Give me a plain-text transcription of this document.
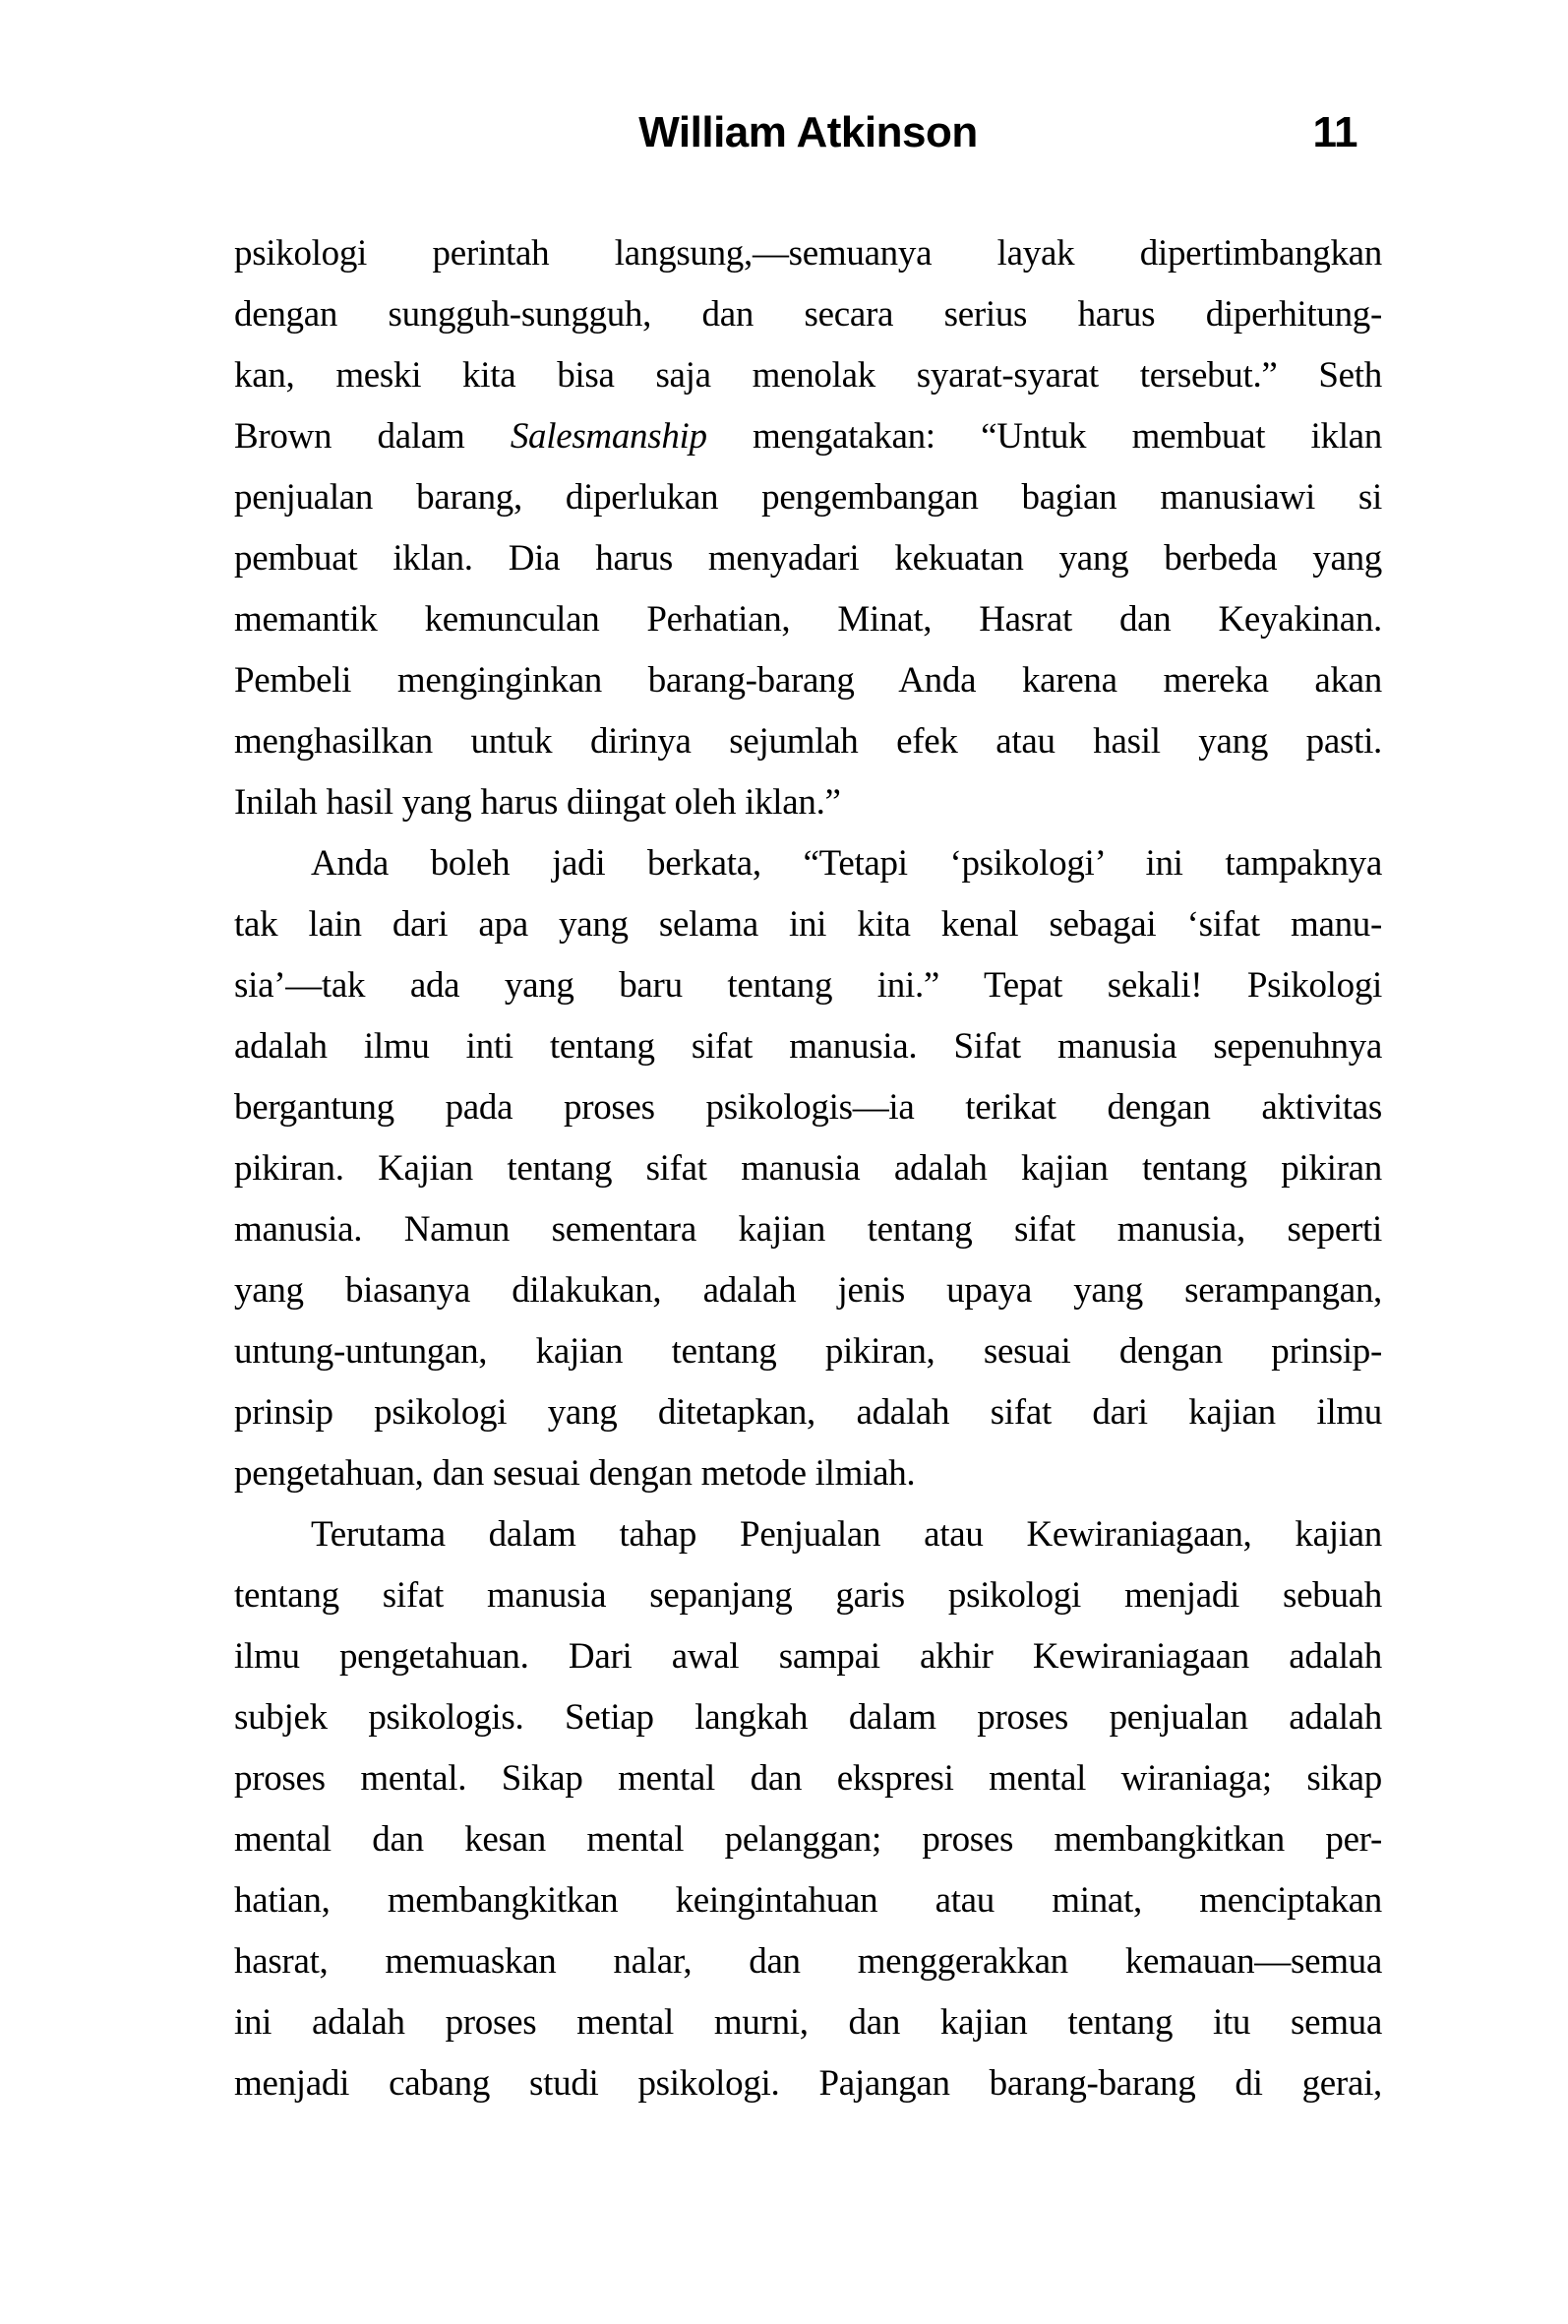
William Atkinson	11
psikologi perintah langsung,—semuanya layak dipertimbangkan
dengan sungguh-sungguh, dan secara serius harus diperhitung-
kan, meski kita bisa saja menolak syarat-syarat tersebut.” Seth
Brown dalam Salesmanship mengatakan: “Untuk membuat iklan
penjualan barang, diperlukan pengembangan bagian manusiawi si
pembuat iklan. Dia harus menyadari kekuatan yang berbeda yang
memantik kemunculan Perhatian, Minat, Hasrat dan Keyakinan.
Pembeli menginginkan barang-barang Anda karena mereka akan
menghasilkan untuk dirinya sejumlah efek atau hasil yang pasti.
Inilah hasil yang harus diingat oleh iklan.”
Anda boleh jadi berkata, “Tetapi ‘psikologi’ ini tampaknya
tak lain dari apa yang selama ini kita kenal sebagai ‘sifat manu-
sia’—tak ada yang baru tentang ini.” Tepat sekali! Psikologi
adalah ilmu inti tentang sifat manusia. Sifat manusia sepenuhnya
bergantung pada proses psikologis—ia terikat dengan aktivitas
pikiran. Kajian tentang sifat manusia adalah kajian tentang pikiran
manusia. Namun sementara kajian tentang sifat manusia, seperti
yang biasanya dilakukan, adalah jenis upaya yang serampangan,
untung-untungan, kajian tentang pikiran, sesuai dengan prinsip-
prinsip psikologi yang ditetapkan, adalah sifat dari kajian ilmu
pengetahuan, dan sesuai dengan metode ilmiah.
Terutama dalam tahap Penjualan atau Kewiraniagaan, kajian
tentang sifat manusia sepanjang garis psikologi menjadi sebuah
ilmu pengetahuan. Dari awal sampai akhir Kewiraniagaan adalah
subjek psikologis. Setiap langkah dalam proses penjualan adalah
proses mental. Sikap mental dan ekspresi mental wiraniaga; sikap
mental dan kesan mental pelanggan; proses membangkitkan per-
hatian, membangkitkan keingintahuan atau minat, menciptakan
hasrat, memuaskan nalar, dan menggerakkan kemauan—semua
ini adalah proses mental murni, dan kajian tentang itu semua
menjadi cabang studi psikologi. Pajangan barang-barang di gerai,
